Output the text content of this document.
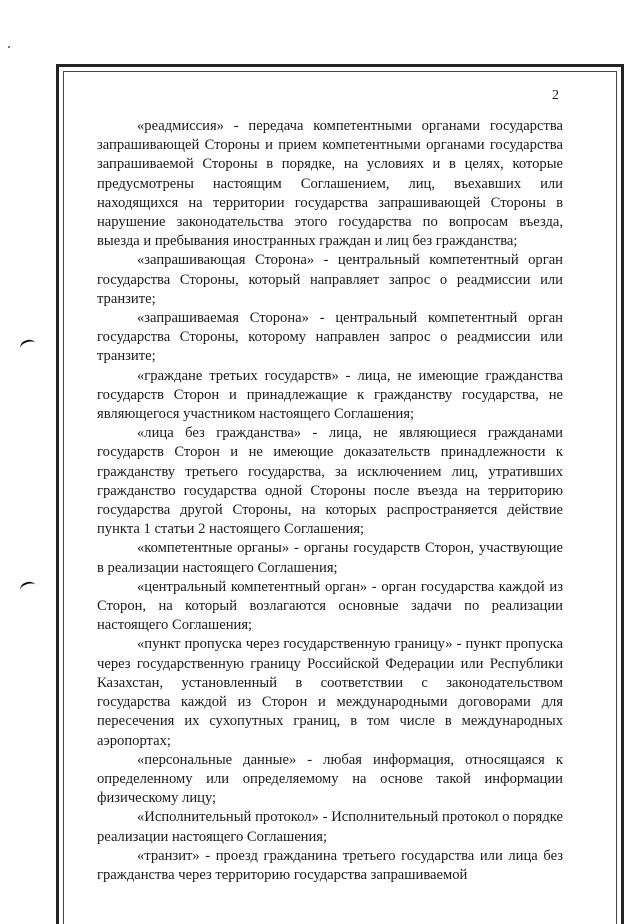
2

«реадмиссия» - передача компетентными органами государства запрашивающей Стороны и прием компетентными органами государства запрашиваемой Стороны в порядке, на условиях и в целях, которые предусмотрены настоящим Соглашением, лиц, въехавших или находящихся на территории государства запрашивающей Стороны в нарушение законодательства этого государства по вопросам въезда, выезда и пребывания иностранных граждан и лиц без гражданства;

«запрашивающая Сторона» - центральный компетентный орган государства Стороны, который направляет запрос о реадмиссии или транзите;

«запрашиваемая Сторона» - центральный компетентный орган государства Стороны, которому направлен запрос о реадмиссии или транзите;

«граждане третьих государств» - лица, не имеющие гражданства государств Сторон и принадлежащие к гражданству государства, не являющегося участником настоящего Соглашения;

«лица без гражданства» - лица, не являющиеся гражданами государств Сторон и не имеющие доказательств принадлежности к гражданству третьего государства, за исключением лиц, утративших гражданство государства одной Стороны после въезда на территорию государства другой Стороны, на которых распространяется действие пункта 1 статьи 2 настоящего Соглашения;

«компетентные органы» - органы государств Сторон, участвующие в реализации настоящего Соглашения;

«центральный компетентный орган» - орган государства каждой из Сторон, на который возлагаются основные задачи по реализации настоящего Соглашения;

«пункт пропуска через государственную границу» - пункт пропуска через государственную границу Российской Федерации или Республики Казахстан, установленный в соответствии с законодательством государства каждой из Сторон и международными договорами для пересечения их сухопутных границ, в том числе в международных аэропортах;

«персональные данные» - любая информация, относящаяся к определенному или определяемому на основе такой информации физическому лицу;

«Исполнительный протокол» - Исполнительный протокол о порядке реализации настоящего Соглашения;

«транзит» - проезд гражданина третьего государства или лица без гражданства через территорию государства запрашиваемой
